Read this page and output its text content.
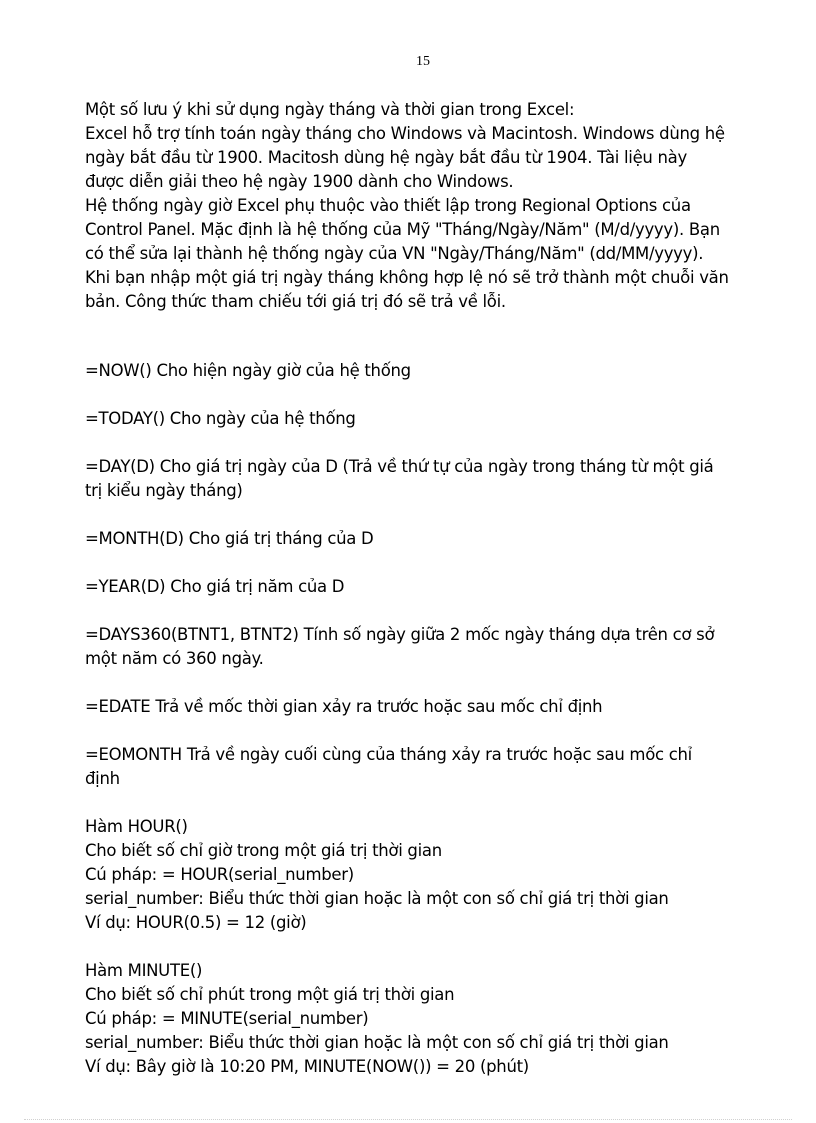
15

Một số lưu ý khi sử dụng ngày tháng và thời gian trong Excel:

Excel hỗ trợ tính toán ngày tháng cho Windows và Macintosh. Windows dùng hệ

ngày bắt đầu từ 1900. Macitosh dùng hệ ngày bắt đầu từ 1904. Tài liệu này

được diễn giải theo hệ ngày 1900 dành cho Windows.

Hệ thống ngày giờ Excel phụ thuộc vào thiết lập trong Regional Options của

Control Panel. Mặc định là hệ thống của Mỹ "Tháng/Ngày/Năm" (M/d/yyyy). Bạn

có thể sửa lại thành hệ thống ngày của VN "Ngày/Tháng/Năm" (dd/MM/yyyy).

Khi bạn nhập một giá trị ngày tháng không hợp lệ nó sẽ trở thành một chuỗi văn

bản. Công thức tham chiếu tới giá trị đó sẽ trả về lỗi.

=NOW() Cho hiện ngày giờ của hệ thống

=TODAY() Cho ngày của hệ thống

=DAY(D) Cho giá trị ngày của D (Trả về thứ tự của ngày trong tháng từ một giá

trị kiểu ngày tháng)

=MONTH(D) Cho giá trị tháng của D

=YEAR(D) Cho giá trị năm của D

=DAYS360(BTNT1, BTNT2) Tính số ngày giữa 2 mốc ngày tháng dựa trên cơ sở

một năm có 360 ngày.

=EDATE Trả về mốc thời gian xảy ra trước hoặc sau mốc chỉ định

=EOMONTH Trả về ngày cuối cùng của tháng xảy ra trước hoặc sau mốc chỉ

định

Hàm HOUR()

Cho biết số chỉ giờ trong một giá trị thời gian

Cú pháp: = HOUR(serial_number)

serial_number: Biểu thức thời gian hoặc là một con số chỉ giá trị thời gian

Ví dụ: HOUR(0.5) = 12 (giờ)

Hàm MINUTE()

Cho biết số chỉ phút trong một giá trị thời gian

Cú pháp: = MINUTE(serial_number)

serial_number: Biểu thức thời gian hoặc là một con số chỉ giá trị thời gian

Ví dụ: Bây giờ là 10:20 PM, MINUTE(NOW()) = 20 (phút)
